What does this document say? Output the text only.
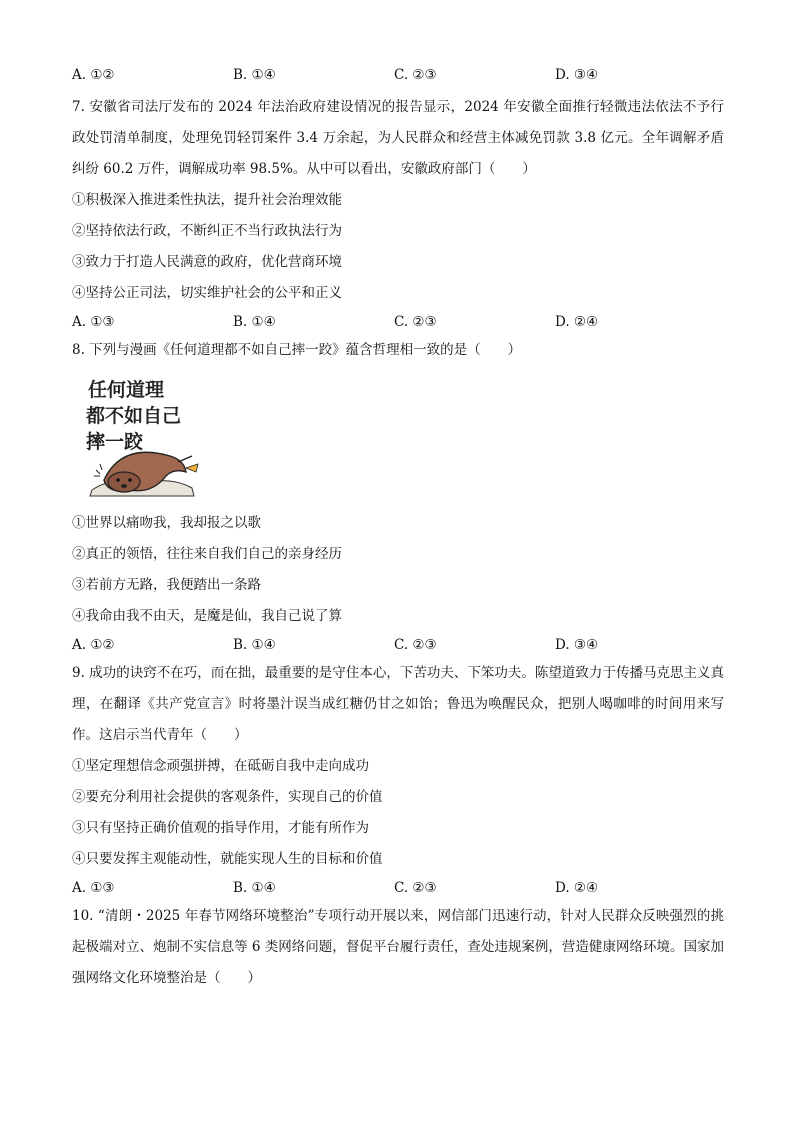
A. ①②	B. ①④	C. ②③	D. ③④

7. 安徽省司法厅发布的 2024 年法治政府建设情况的报告显示，2024 年安徽全面推行轻微违法依法不予行政处罚清单制度，处理免罚轻罚案件 3.4 万余起，为人民群众和经营主体减免罚款 3.8 亿元。全年调解矛盾纠纷 60.2 万件，调解成功率 98.5%。从中可以看出，安徽政府部门（　　）

①积极深入推进柔性执法，提升社会治理效能

②坚持依法行政，不断纠正不当行政执法行为

③致力于打造人民满意的政府，优化营商环境

④坚持公正司法，切实维护社会的公平和正义

A. ①③	B. ①④	C. ②③	D. ②④

8. 下列与漫画《任何道理都不如自己摔一跤》蕴含哲理相一致的是（　　）

任何道理
都不如自己
摔一跤

①世界以痛吻我，我却报之以歌

②真正的领悟，往往来自我们自己的亲身经历

③若前方无路，我便踏出一条路

④我命由我不由天，是魔是仙，我自己说了算

A. ①②	B. ①④	C. ②③	D. ③④

9. 成功的诀窍不在巧，而在拙，最重要的是守住本心，下苦功夫、下笨功夫。陈望道致力于传播马克思主义真理，在翻译《共产党宣言》时将墨汁误当成红糖仍甘之如饴；鲁迅为唤醒民众，把别人喝咖啡的时间用来写作。这启示当代青年（　　）

①坚定理想信念顽强拼搏，在砥砺自我中走向成功

②要充分利用社会提供的客观条件，实现自己的价值

③只有坚持正确价值观的指导作用，才能有所作为

④只要发挥主观能动性，就能实现人生的目标和价值

A. ①③	B. ①④	C. ②③	D. ②④

10. “清朗・2025 年春节网络环境整治”专项行动开展以来，网信部门迅速行动，针对人民群众反映强烈的挑起极端对立、炮制不实信息等 6 类网络问题，督促平台履行责任，查处违规案例，营造健康网络环境。国家加强网络文化环境整治是（　　）
